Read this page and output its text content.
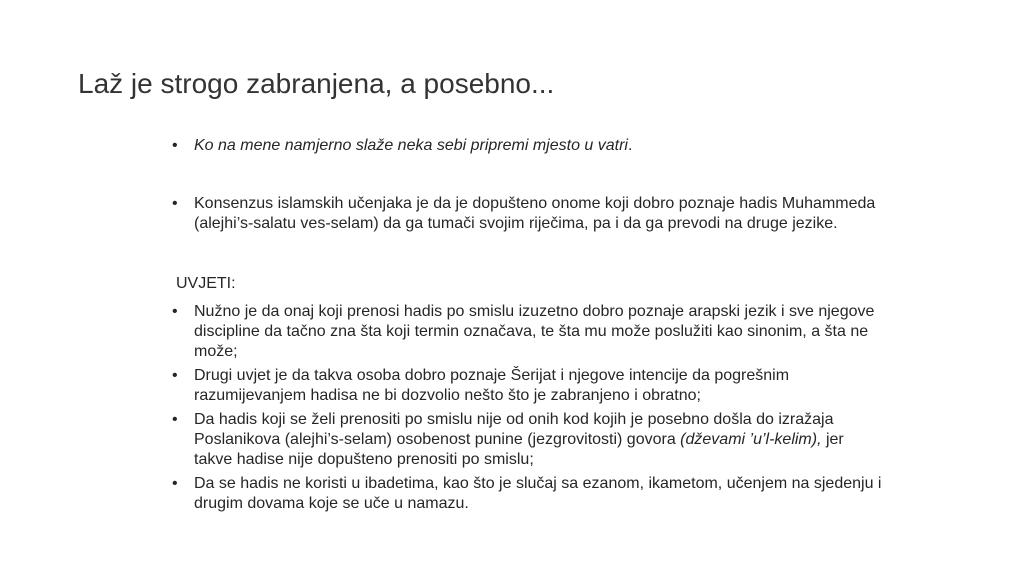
Laž je strogo zabranjena, a posebno...
• Ko na mene namjerno slaže neka sebi pripremi mjesto u vatri.
• Konsenzus islamskih učenjaka je da je dopušteno onome koji dobro poznaje hadis Muhammeda (alejhi’s-salatu ves-selam) da ga tumači svojim riječima, pa i da ga prevodi na druge jezike.
UVJETI:
• Nužno je da onaj koji prenosi hadis po smislu izuzetno dobro poznaje arapski jezik i sve njegove discipline da tačno zna šta koji termin označava, te šta mu može poslužiti kao sinonim, a šta ne može;
• Drugi uvjet je da takva osoba dobro poznaje Šerijat i njegove intencije da pogrešnim razumijevanjem hadisa ne bi dozvolio nešto što je zabranjeno i obratno;
• Da hadis koji se želi prenositi po smislu nije od onih kod kojih je posebno došla do izražaja Poslanikova (alejhi’s-selam) osobenost punine (jezgrovitosti) govora (dževami ’u’l-kelim), jer takve hadise nije dopušteno prenositi po smislu;
• Da se hadis ne koristi u ibadetima, kao što je slučaj sa ezanom, ikametom, učenjem na sjedenju i drugim dovama koje se uče u namazu.
